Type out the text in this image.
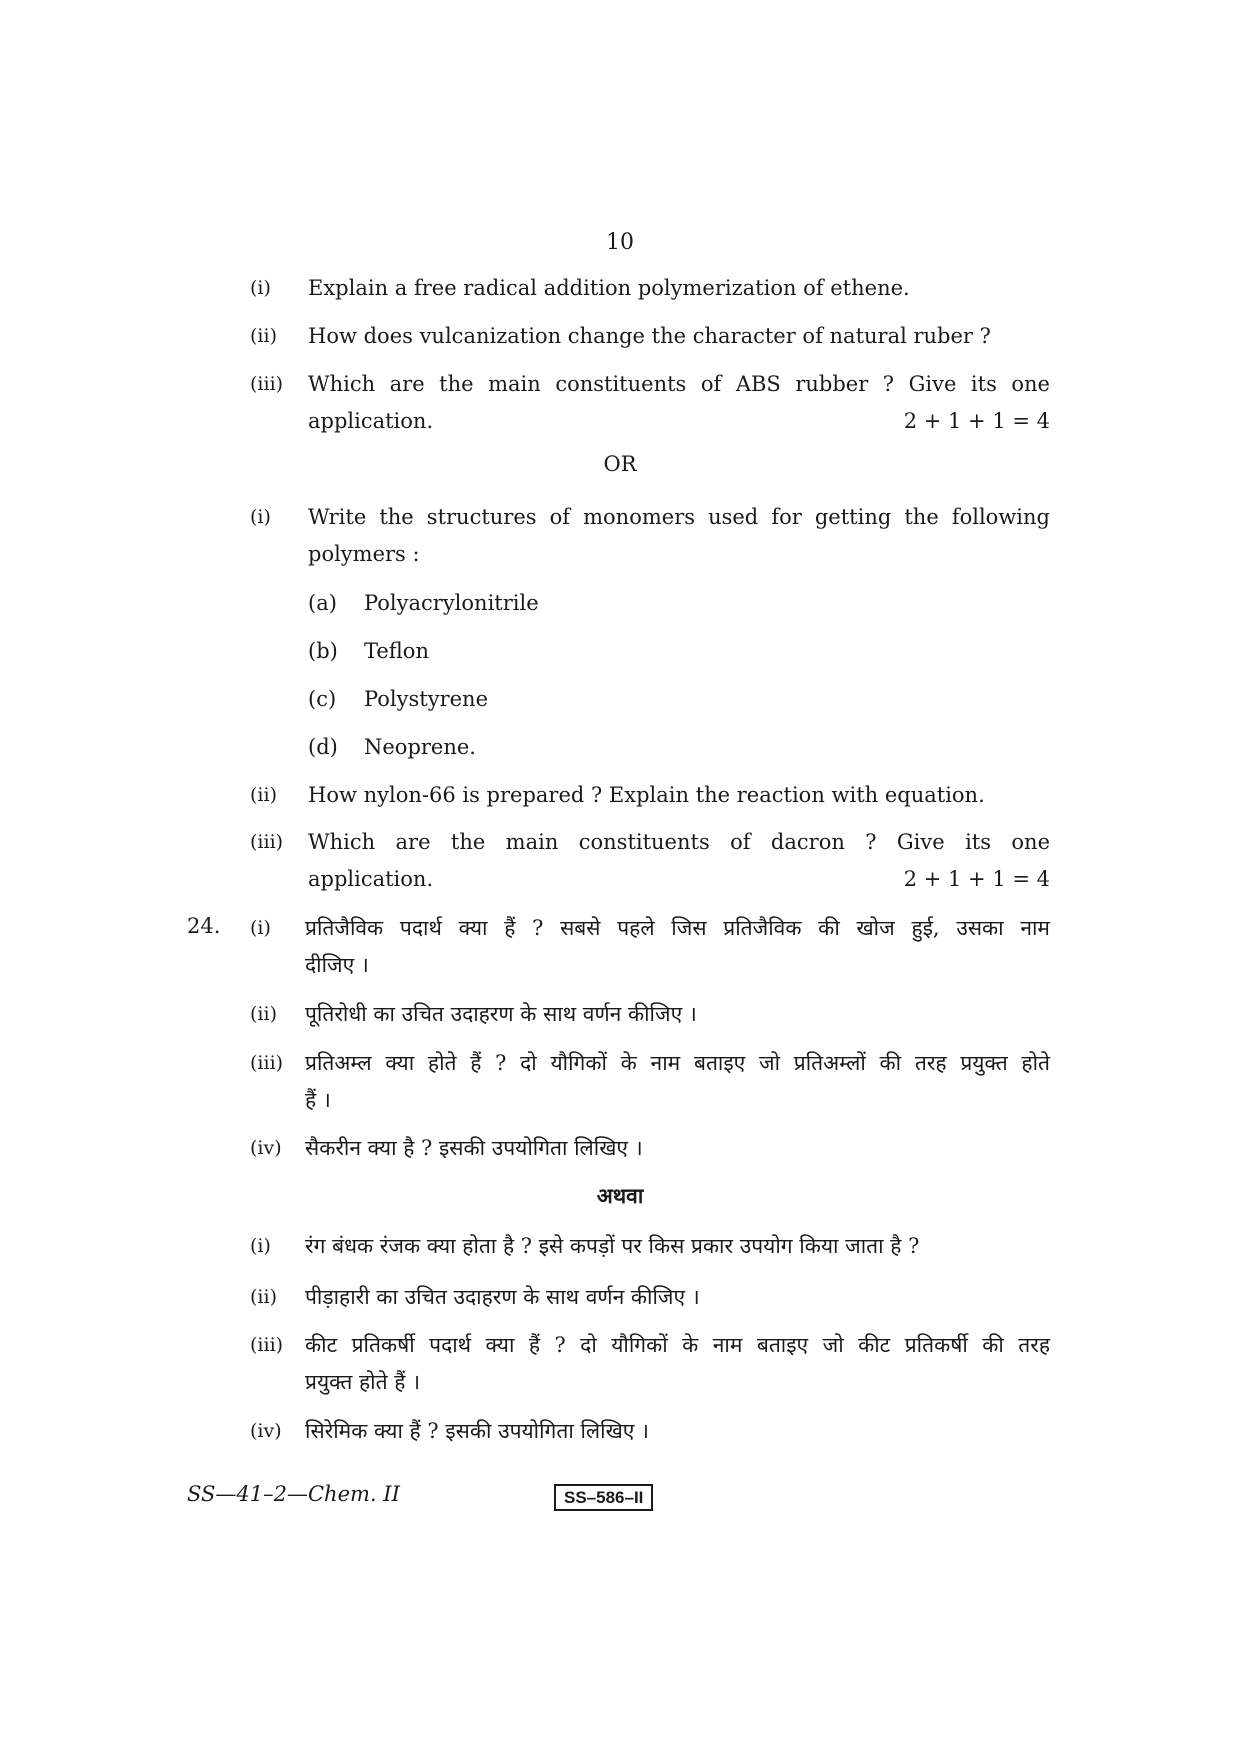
10
(i) Explain a free radical addition polymerization of ethene.
(ii) How does vulcanization change the character of natural ruber ?
(iii) Which are the main constituents of ABS rubber ? Give its one
application.	2 + 1 + 1 = 4
OR
(i) Write the structures of monomers used for getting the following
polymers :
(a) Polyacrylonitrile
(b) Teflon
(c) Polystyrene
(d) Neoprene.
(ii) How nylon-66 is prepared ? Explain the reaction with equation.
(iii) Which are the main constituents of dacron ? Give its one
application.	2 + 1 + 1 = 4
24. (i) प्रतिजैविक पदार्थ क्या हैं ? सबसे पहले जिस प्रतिजैविक की खोज हुई, उसका नाम
दीजिए ।
(ii) पूतिरोधी का उचित उदाहरण के साथ वर्णन कीजिए ।
(iii) प्रतिअम्ल क्या होते हैं ? दो यौगिकों के नाम बताइए जो प्रतिअम्लों की तरह प्रयुक्त होते
हैं ।
(iv) सैकरीन क्या है ? इसकी उपयोगिता लिखिए ।
अथवा
(i) रंग बंधक रंजक क्या होता है ? इसे कपड़ों पर किस प्रकार उपयोग किया जाता है ?
(ii) पीड़ाहारी का उचित उदाहरण के साथ वर्णन कीजिए ।
(iii) कीट प्रतिकर्षी पदार्थ क्या हैं ? दो यौगिकों के नाम बताइए जो कीट प्रतिकर्षी की तरह
प्रयुक्त होते हैं ।
(iv) सिरेमिक क्या हैं ? इसकी उपयोगिता लिखिए ।
SS—41–2—Chem. II	SS–586–II
